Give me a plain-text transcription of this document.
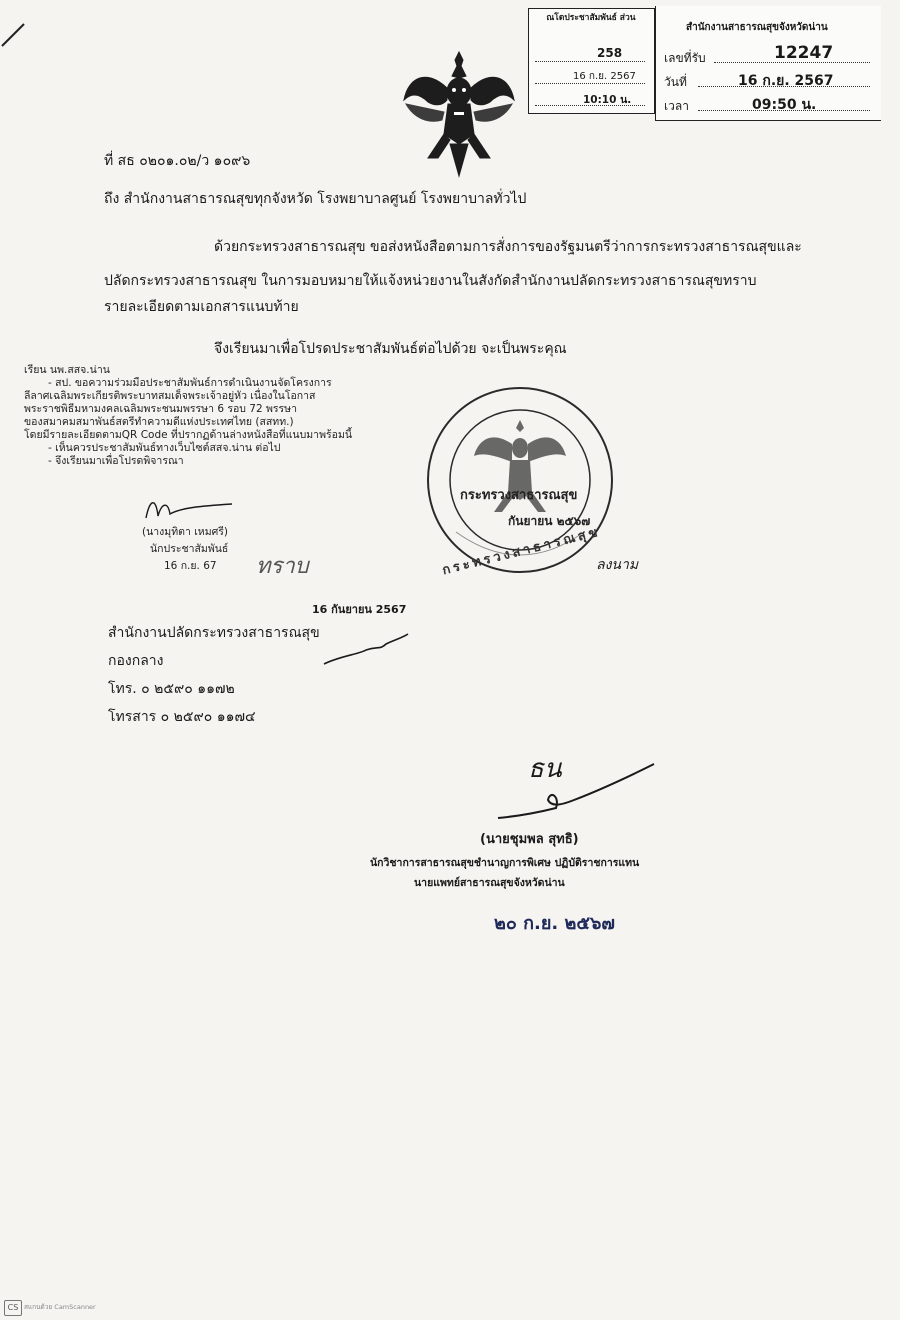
ณโดประชาสัมพันธ์ ส่วน
258
16 ก.ย. 2567
10:10 น.
สำนักงานสาธารณสุขจังหวัดน่าน
เลขที่รับ	12247
วันที่	16 ก.ย. 2567
เวลา	09:50 น.
ที่ สธ ๐๒๐๑.๐๒/ว ๑๐๙๖
ถึง สำนักงานสาธารณสุขทุกจังหวัด โรงพยาบาลศูนย์ โรงพยาบาลทั่วไป
ด้วยกระทรวงสาธารณสุข ขอส่งหนังสือตามการสั่งการของรัฐมนตรีว่าการกระทรวงสาธารณสุขและ
ปลัดกระทรวงสาธารณสุข ในการมอบหมายให้แจ้งหน่วยงานในสังกัดสำนักงานปลัดกระทรวงสาธารณสุขทราบ
รายละเอียดตามเอกสารแนบท้าย
จึงเรียนมาเพื่อโปรดประชาสัมพันธ์ต่อไปด้วย จะเป็นพระคุณ
เรียน นพ.สสจ.น่าน
- สป. ขอความร่วมมือประชาสัมพันธ์การดำเนินงานจัดโครงการ
ลีลาศเฉลิมพระเกียรติพระบาทสมเด็จพระเจ้าอยู่หัว เนื่องในโอกาส
พระราชพิธีมหามงคลเฉลิมพระชนมพรรษา 6 รอบ 72 พรรษา
ของสมาคมสมาพันธ์สตรีทำความดีแห่งประเทศไทย (สสทท.)
โดยมีรายละเอียดตามQR Code ที่ปรากฏด้านล่างหนังสือที่แนบมาพร้อมนี้
- เห็นควรประชาสัมพันธ์ทางเว็บไซต์สสจ.น่าน ต่อไป
- จึงเรียนมาเพื่อโปรดพิจารณา
(นางมุทิตา เหมศรี)
นักประชาสัมพันธ์
16 ก.ย. 67 ทราบ
กระทรวงสาธารณสุข
กันยายน ๒๕๖๗
กระทรวงสาธารณสุข
ลงนาม
16 กันยายน 2567
สำนักงานปลัดกระทรวงสาธารณสุข
กองกลาง
โทร. ๐ ๒๕๙๐ ๑๑๗๒
โทรสาร ๐ ๒๕๙๐ ๑๑๗๔
ธน
(นายชุมพล สุทธิ)
นักวิชาการสาธารณสุขชำนาญการพิเศษ ปฏิบัติราชการแทน
นายแพทย์สาธารณสุขจังหวัดน่าน
๒๐ ก.ย. ๒๕๖๗
CS สแกนด้วย CamScanner
